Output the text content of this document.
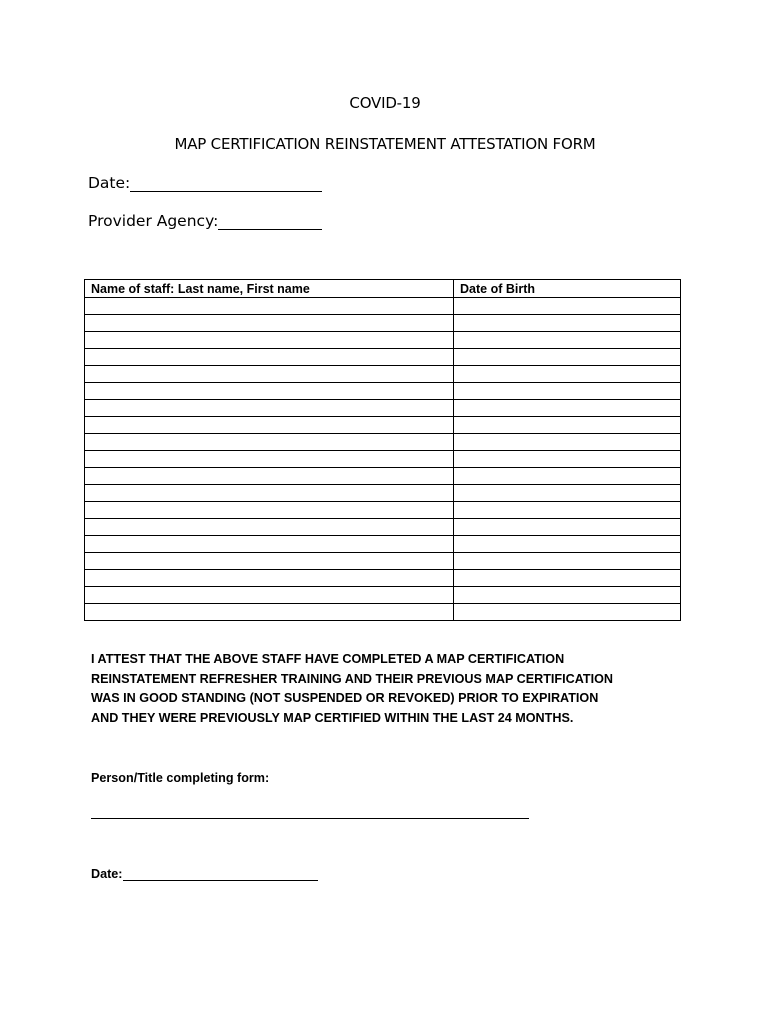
COVID-19
MAP CERTIFICATION REINSTATEMENT ATTESTATION FORM
Date:
Provider Agency:
Name of staff: Last name, First name	Date of Birth

I ATTEST THAT THE ABOVE STAFF HAVE COMPLETED A MAP CERTIFICATION
REINSTATEMENT REFRESHER TRAINING AND THEIR PREVIOUS MAP CERTIFICATION
WAS IN GOOD STANDING (NOT SUSPENDED OR REVOKED) PRIOR TO EXPIRATION
AND THEY WERE PREVIOUSLY MAP CERTIFIED WITHIN THE LAST 24 MONTHS.
Person/Title completing form:
Date:
